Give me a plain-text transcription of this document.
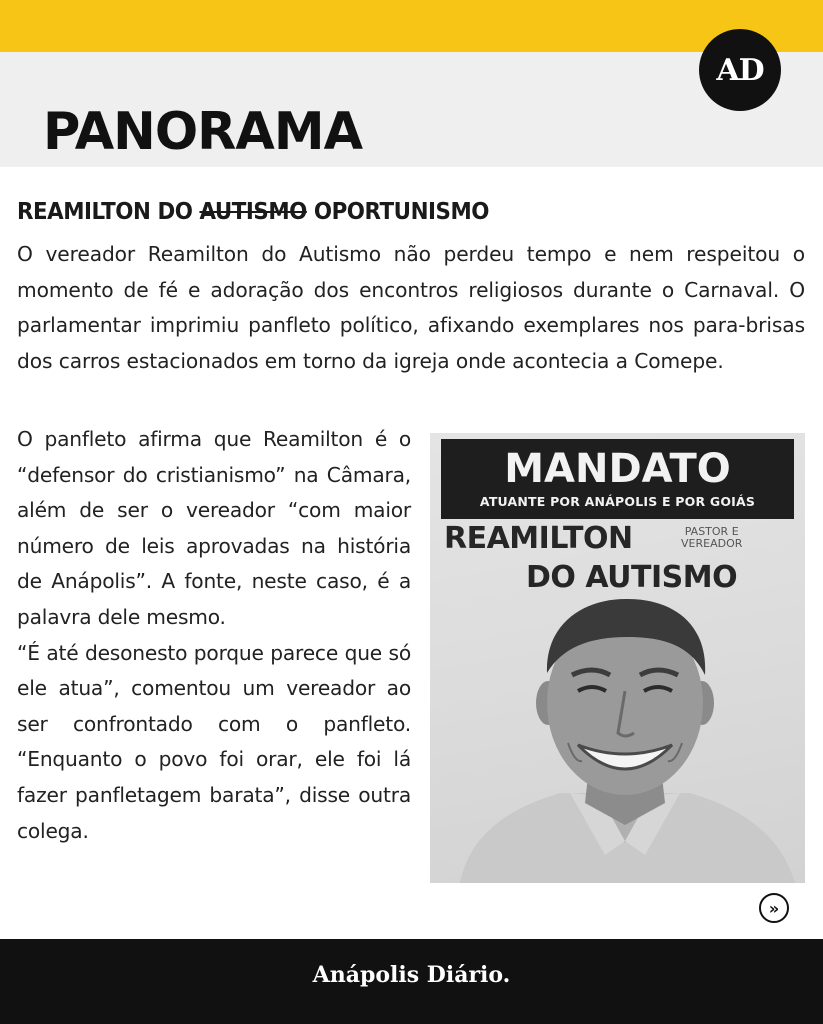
AD
PANORAMA
REAMILTON DO AUTISMO OPORTUNISMO
O vereador Reamilton do Autismo não perdeu tempo e nem respeitou o momento de fé e adoração dos encontros religiosos durante o Carnaval. O parlamentar imprimiu panfleto político, afixando exemplares nos para-brisas dos carros estacionados em torno da igreja onde acontecia a Comepe.

O panfleto afirma que Reamilton é o “defensor do cristianismo” na Câmara, além de ser o vereador “com maior número de leis aprovadas na história de Anápolis”. A fonte, neste caso, é a palavra dele mesmo.

“É até desonesto porque parece que só ele atua”, comentou um vereador ao ser confrontado com o panfleto. “Enquanto o povo foi orar, ele foi lá fazer panfletagem barata”, disse outra colega.

MANDATO
ATUANTE POR ANÁPOLIS E POR GOIÁS
REAMILTON	PASTOR E
VEREADOR
DO AUTISMO
»
Anápolis Diário.
